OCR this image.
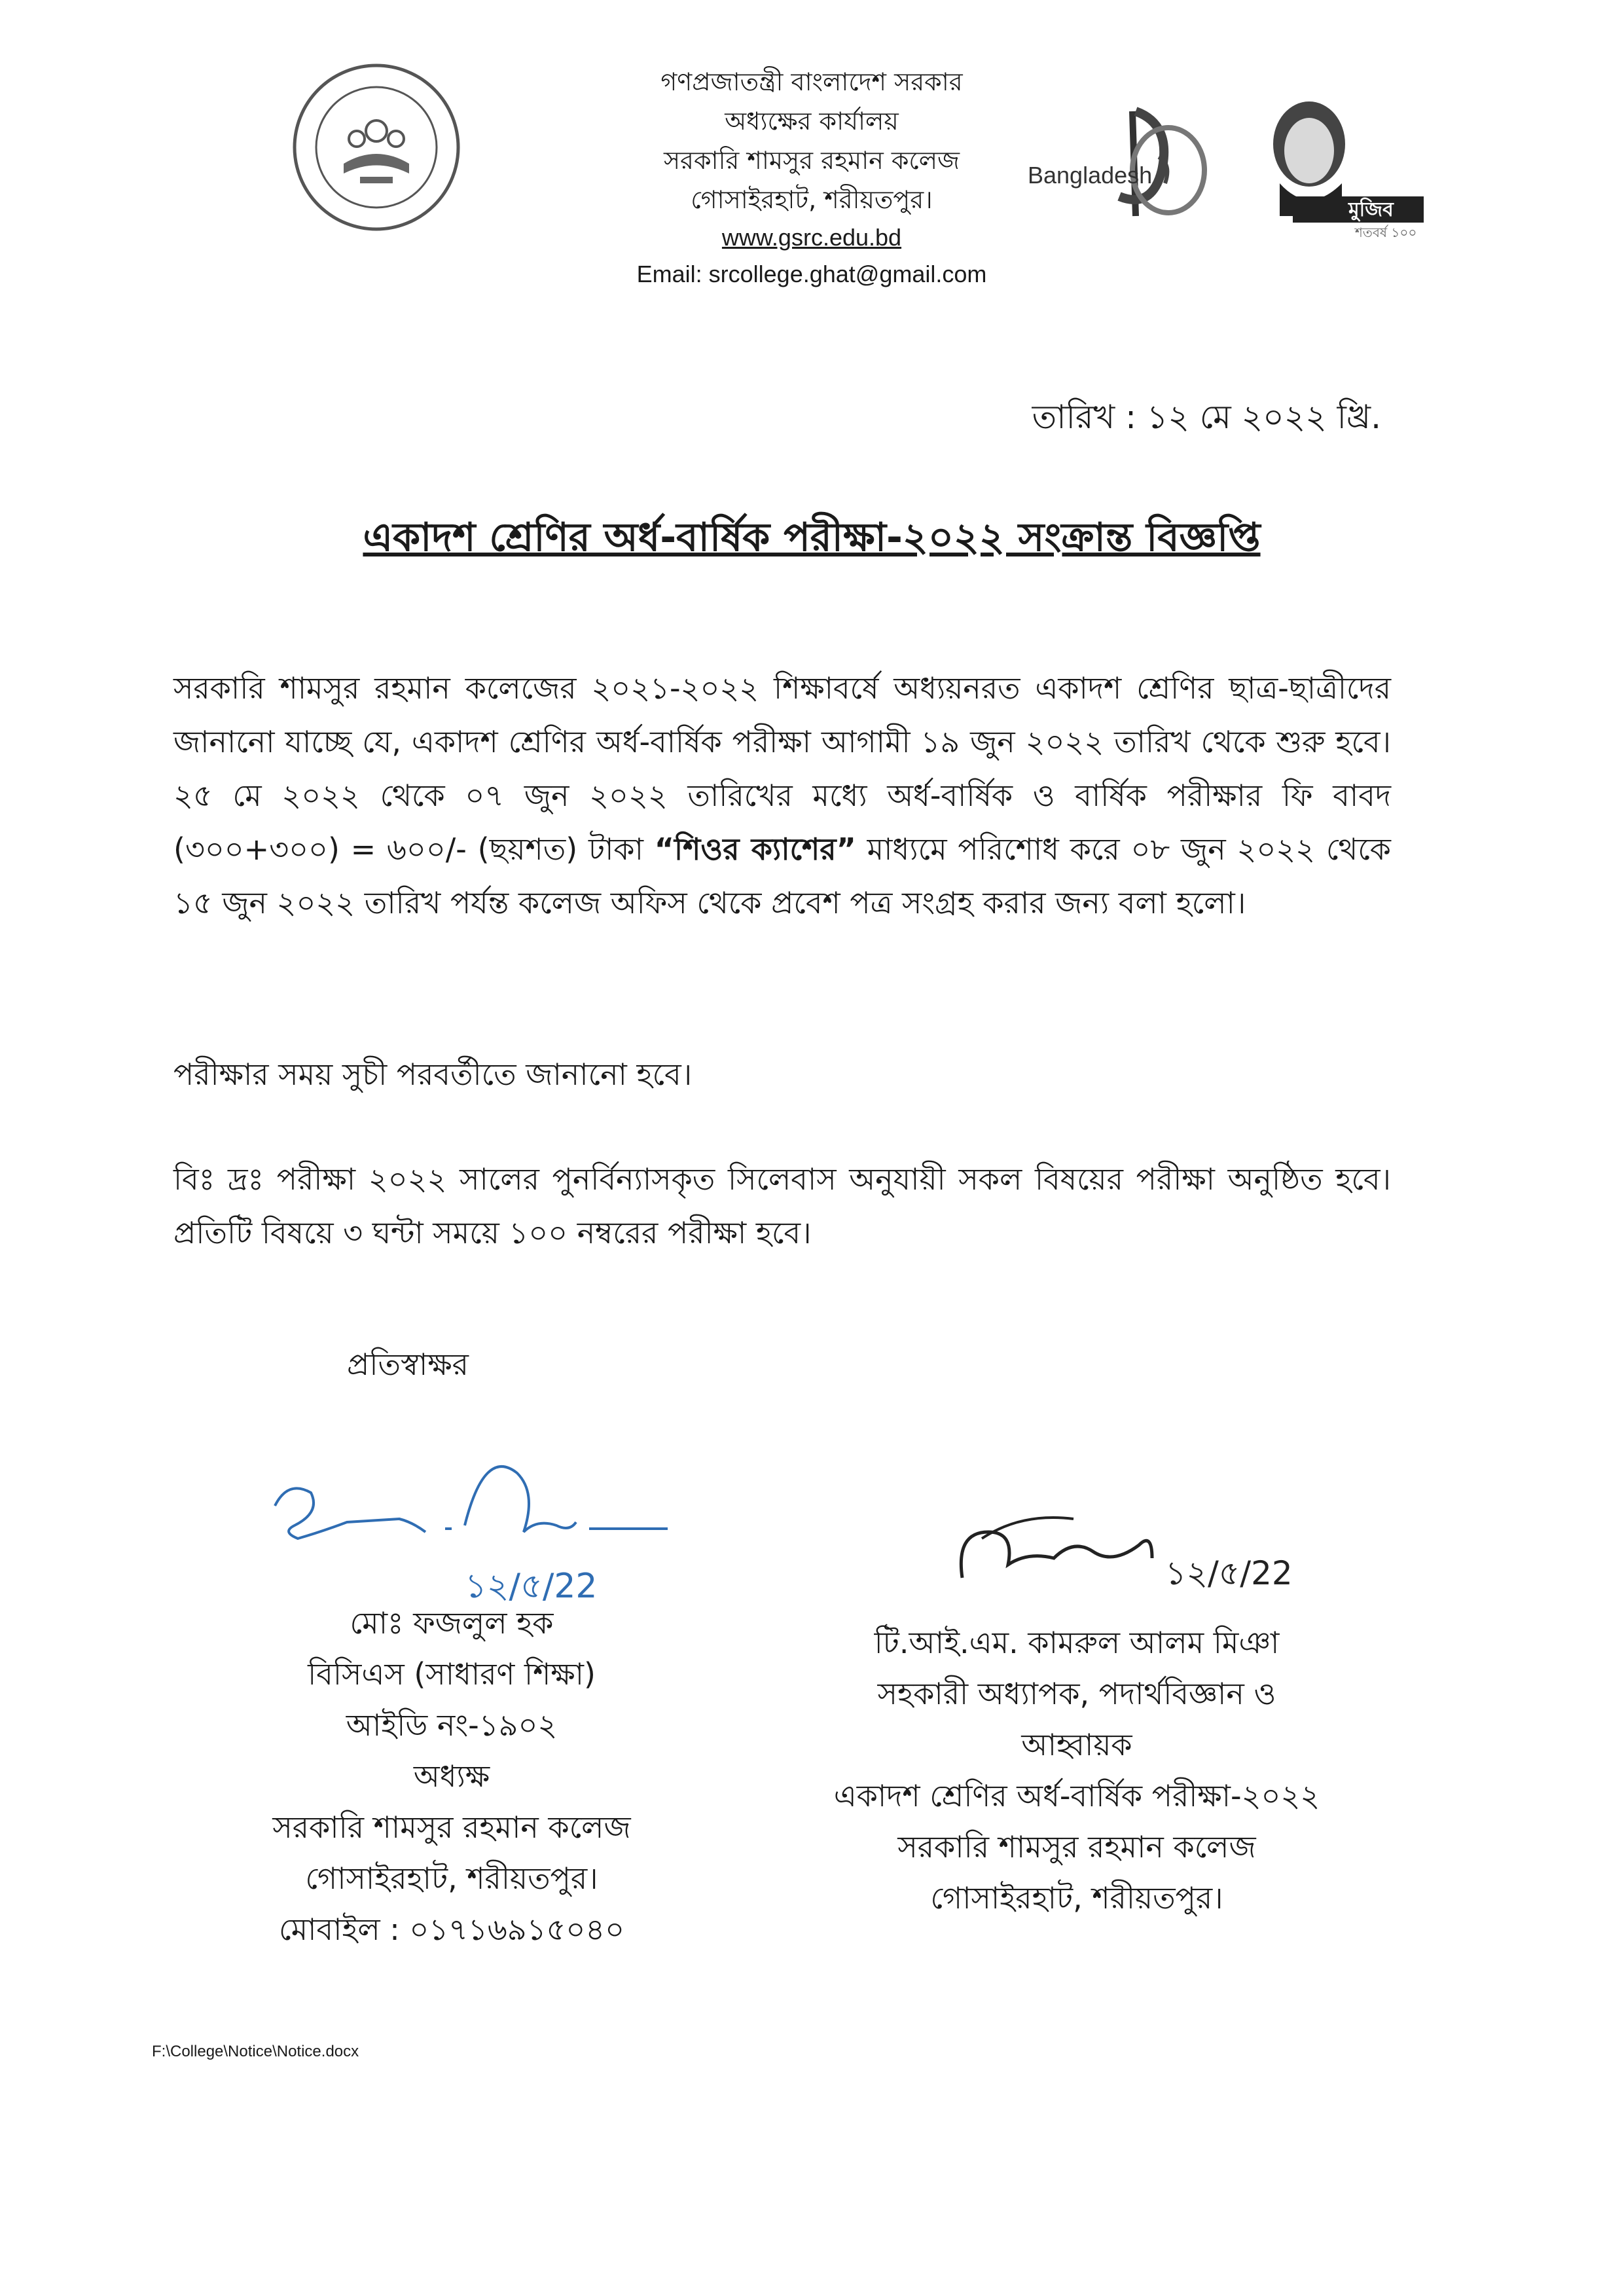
গণপ্রজাতন্ত্রী বাংলাদেশ সরকার

অধ্যক্ষের কার্যালয়

সরকারি শামসুর রহমান কলেজ

গোসাইরহাট, শরীয়তপুর।

www.gsrc.edu.bd
Email: srcollege.ghat@gmail.com
Bangladesh
মুজিব
শতবর্ষ ১০০
তারিখ : ১২ মে ২০২২ খ্রি.
একাদশ শ্রেণির অর্ধ-বার্ষিক পরীক্ষা-২০২২ সংক্রান্ত বিজ্ঞপ্তি

সরকারি শামসুর রহমান কলেজের ২০২১-২০২২ শিক্ষাবর্ষে অধ্যয়নরত একাদশ শ্রেণির ছাত্র-ছাত্রীদের জানানো যাচ্ছে যে, একাদশ শ্রেণির অর্ধ-বার্ষিক পরীক্ষা আগামী ১৯ জুন ২০২২ তারিখ থেকে শুরু হবে। ২৫ মে ২০২২ থেকে ০৭ জুন ২০২২ তারিখের মধ্যে অর্ধ-বার্ষিক ও বার্ষিক পরীক্ষার ফি বাবদ (৩০০+৩০০) = ৬০০/- (ছয়শত) টাকা “শিওর ক্যাশের” মাধ্যমে পরিশোধ করে ০৮ জুন ২০২২ থেকে ১৫ জুন ২০২২ তারিখ পর্যন্ত কলেজ অফিস থেকে প্রবেশ পত্র সংগ্রহ করার জন্য বলা হলো।

পরীক্ষার সময় সুচী পরবর্তীতে জানানো হবে।

বিঃ দ্রঃ পরীক্ষা ২০২২ সালের পুনর্বিন্যাসকৃত সিলেবাস অনুযায়ী সকল বিষয়ের পরীক্ষা অনুষ্ঠিত হবে। প্রতিটি বিষয়ে ৩ ঘন্টা সময়ে ১০০ নম্বরের পরীক্ষা হবে।

প্রতিস্বাক্ষর
১২/৫/22	১২/৫/22

মোঃ ফজলুল হক

বিসিএস (সাধারণ শিক্ষা)

আইডি নং-১৯০২

অধ্যক্ষ

সরকারি শামসুর রহমান কলেজ

গোসাইরহাট, শরীয়তপুর।

মোবাইল : ০১৭১৬৯১৫০৪০

টি.আই.এম. কামরুল আলম মিঞা

সহকারী অধ্যাপক, পদার্থবিজ্ঞান ও

আহ্বায়ক

একাদশ শ্রেণির অর্ধ-বার্ষিক পরীক্ষা-২০২২

সরকারি শামসুর রহমান কলেজ

গোসাইরহাট, শরীয়তপুর।

F:\College\Notice\Notice.docx
